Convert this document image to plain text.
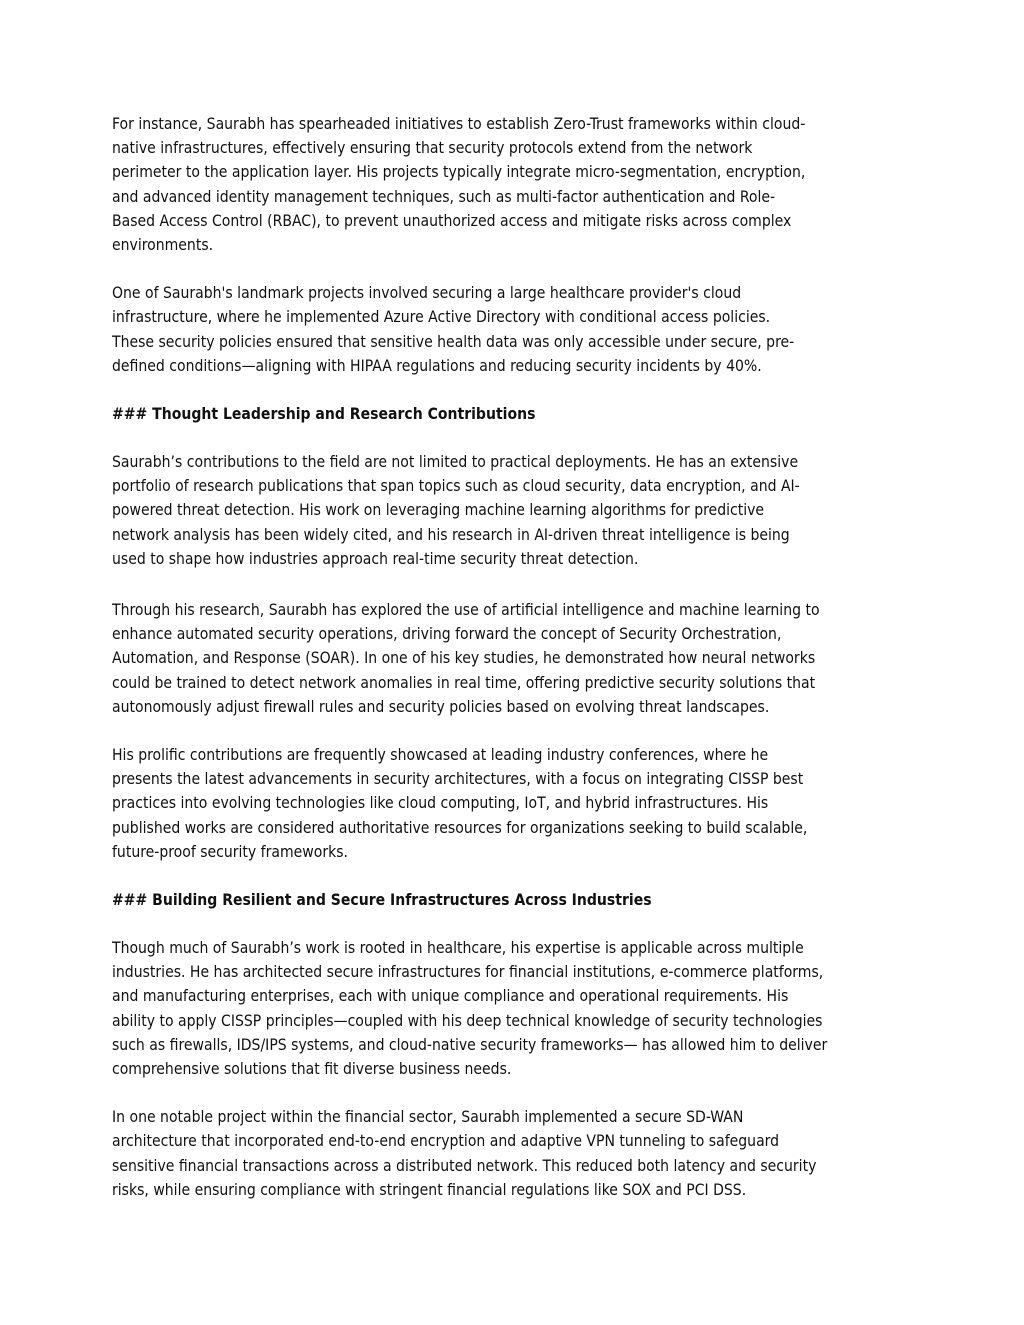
For instance, Saurabh has spearheaded initiatives to establish Zero-Trust frameworks within cloud-
native infrastructures, effectively ensuring that security protocols extend from the network
perimeter to the application layer. His projects typically integrate micro-segmentation, encryption,
and advanced identity management techniques, such as multi-factor authentication and Role-
Based Access Control (RBAC), to prevent unauthorized access and mitigate risks across complex
environments.

One of Saurabh's landmark projects involved securing a large healthcare provider's cloud
infrastructure, where he implemented Azure Active Directory with conditional access policies.
These security policies ensured that sensitive health data was only accessible under secure, pre-
defined conditions—aligning with HIPAA regulations and reducing security incidents by 40%.

### Thought Leadership and Research Contributions

Saurabh’s contributions to the field are not limited to practical deployments. He has an extensive
portfolio of research publications that span topics such as cloud security, data encryption, and AI-
powered threat detection. His work on leveraging machine learning algorithms for predictive
network analysis has been widely cited, and his research in AI-driven threat intelligence is being
used to shape how industries approach real-time security threat detection.

Through his research, Saurabh has explored the use of artificial intelligence and machine learning to
enhance automated security operations, driving forward the concept of Security Orchestration,
Automation, and Response (SOAR). In one of his key studies, he demonstrated how neural networks
could be trained to detect network anomalies in real time, offering predictive security solutions that
autonomously adjust firewall rules and security policies based on evolving threat landscapes.

His prolific contributions are frequently showcased at leading industry conferences, where he
presents the latest advancements in security architectures, with a focus on integrating CISSP best
practices into evolving technologies like cloud computing, IoT, and hybrid infrastructures. His
published works are considered authoritative resources for organizations seeking to build scalable,
future-proof security frameworks.

### Building Resilient and Secure Infrastructures Across Industries

Though much of Saurabh’s work is rooted in healthcare, his expertise is applicable across multiple
industries. He has architected secure infrastructures for financial institutions, e-commerce platforms,
and manufacturing enterprises, each with unique compliance and operational requirements. His
ability to apply CISSP principles—coupled with his deep technical knowledge of security technologies
such as firewalls, IDS/IPS systems, and cloud-native security frameworks— has allowed him to deliver
comprehensive solutions that fit diverse business needs.

In one notable project within the financial sector, Saurabh implemented a secure SD-WAN
architecture that incorporated end-to-end encryption and adaptive VPN tunneling to safeguard
sensitive financial transactions across a distributed network. This reduced both latency and security
risks, while ensuring compliance with stringent financial regulations like SOX and PCI DSS.
